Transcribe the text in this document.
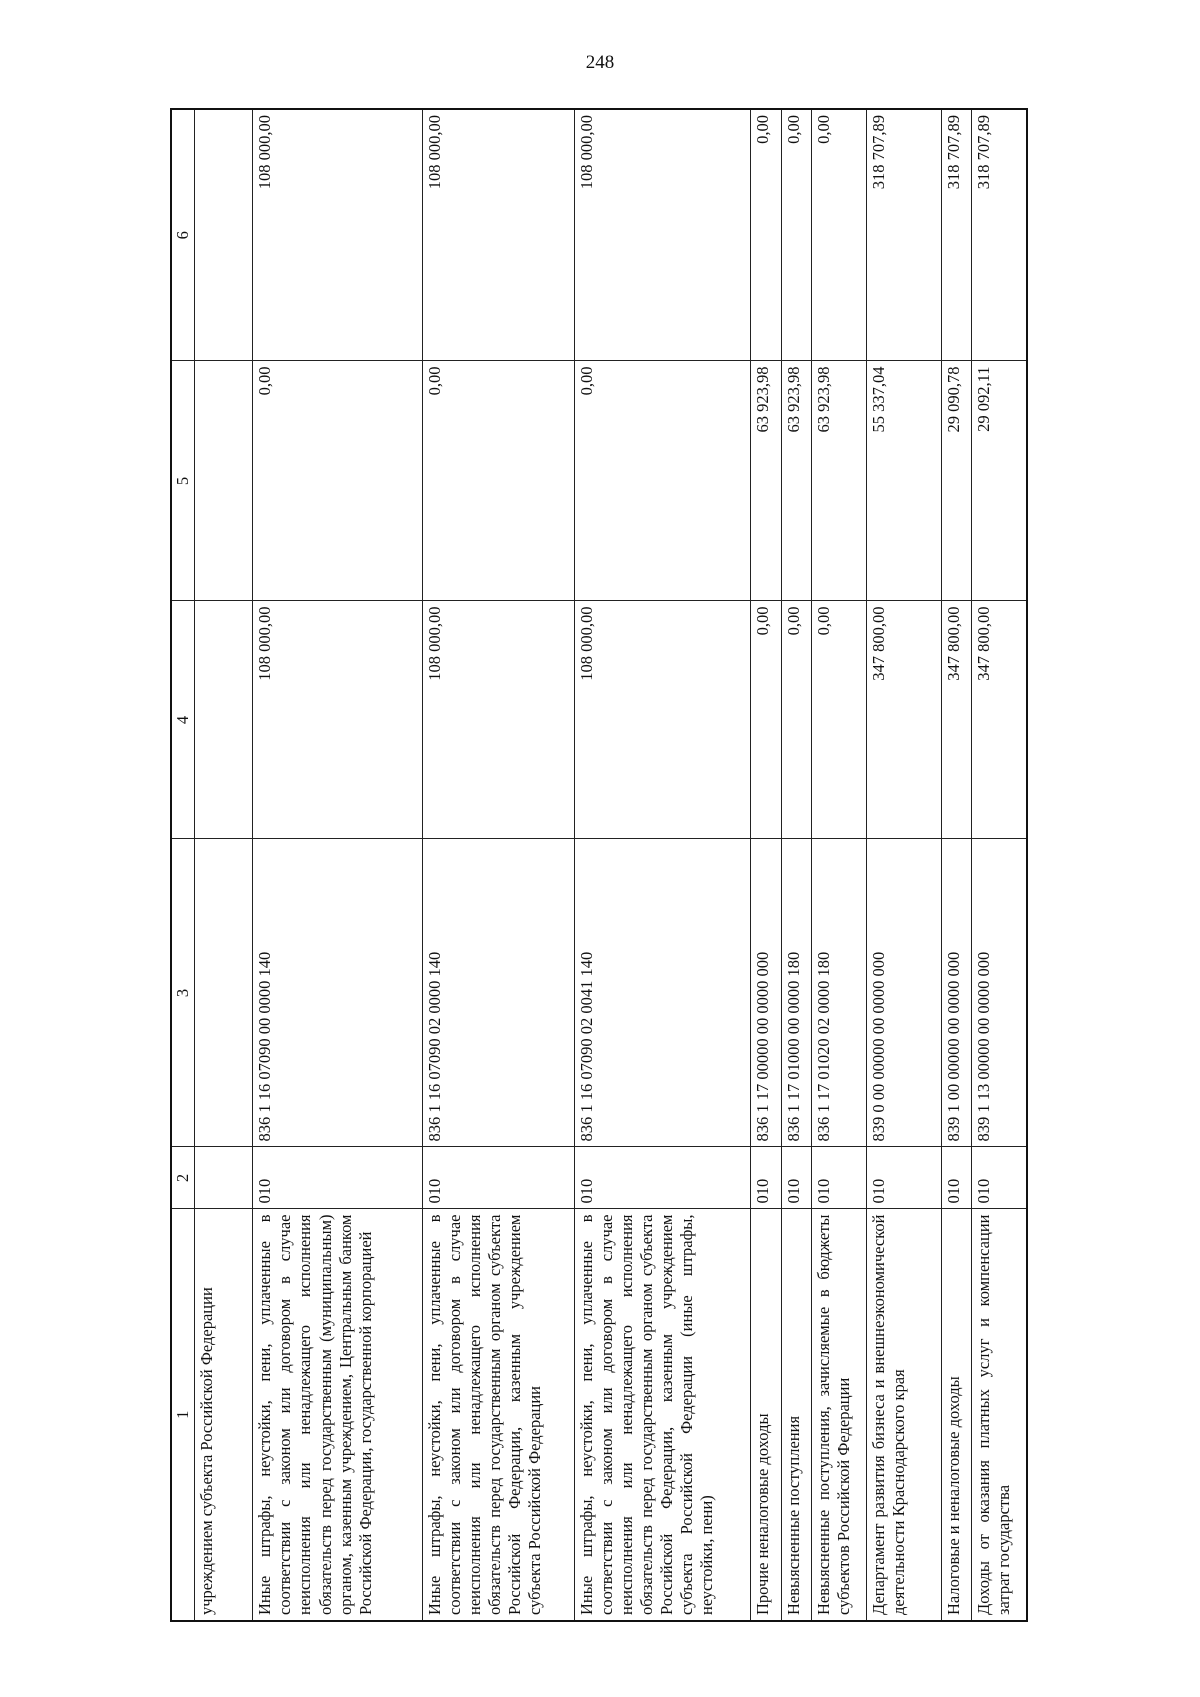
248
1	2	3	4	5	6
учреждением субъекта Российской Федерации					
Иные штрафы, неустойки, пени, уплаченные в соответствии с законом или договором в случае неисполнения или ненадлежащего исполнения обязательств перед государственным (муниципальным) органом, казенным учреждением, Центральным банком Российской Федерации, государственной корпорацией	010	836 1 16 07090 00 0000 140	108 000,00	0,00	108 000,00
Иные штрафы, неустойки, пени, уплаченные в соответствии с законом или договором в случае неисполнения или ненадлежащего исполнения обязательств перед государственным органом субъекта Российской Федерации, казенным учреждением субъекта Российской Федерации	010	836 1 16 07090 02 0000 140	108 000,00	0,00	108 000,00
Иные штрафы, неустойки, пени, уплаченные в соответствии с законом или договором в случае неисполнения или ненадлежащего исполнения обязательств перед государственным органом субъекта Российской Федерации, казенным учреждением субъекта Российской Федерации (иные штрафы, неустойки, пени)	010	836 1 16 07090 02 0041 140	108 000,00	0,00	108 000,00
Прочие неналоговые доходы	010	836 1 17 00000 00 0000 000	0,00	63 923,98	0,00
Невыясненные поступления	010	836 1 17 01000 00 0000 180	0,00	63 923,98	0,00
Невыясненные поступления, зачисляемые в бюджеты субъектов Российской Федерации	010	836 1 17 01020 02 0000 180	0,00	63 923,98	0,00
Департамент развития бизнеса и внешнеэкономической деятельности Краснодарского края	010	839 0 00 00000 00 0000 000	347 800,00	55 337,04	318 707,89
Налоговые и неналоговые доходы	010	839 1 00 00000 00 0000 000	347 800,00	29 090,78	318 707,89
Доходы от оказания платных услуг и компенсации затрат государства	010	839 1 13 00000 00 0000 000	347 800,00	29 092,11	318 707,89
